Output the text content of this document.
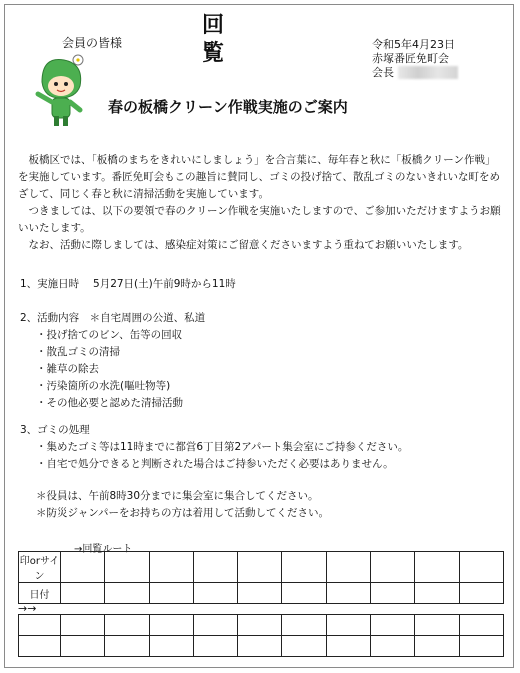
会員の皆様
回
覧	令和5年4月23日
赤塚番匠免町会
会長
春の板橋クリーン作戦実施のご案内

板橋区では、「板橋のまちをきれいにしましょう」を合言葉に、毎年春と秋に「板橋クリーン作戦」を実施しています。番匠免町会もこの趣旨に賛同し、ゴミの投げ捨て、散乱ゴミのないきれいな町をめざして、同じく春と秋に清掃活動を実施しています。

つきましては、以下の要領で春のクリーン作戦を実施いたしますので、ご参加いただけますようお願いいたします。

なお、活動に際しましては、感染症対策にご留意くださいますよう重ねてお願いいたします。

1、実施日時　 5月27日(土)午前9時から11時
2、活動内容　＊自宅周囲の公道、私道
・投げ捨てのビン、缶等の回収
・散乱ゴミの清掃
・雑草の除去
・汚染箇所の水洗(嘔吐物等)
・その他必要と認めた清掃活動
3、ゴミの処理
・集めたゴミ等は11時までに都営6丁目第2アパート集会室にご持参ください。
・自宅で処分できると判断された場合はご持参いただく必要はありません。
＊役員は、午前8時30分までに集会室に集合してください。
＊防災ジャンパーをお持ちの方は着用して活動してください。
→回覧ルート
印orサイン										
日付										
→→
